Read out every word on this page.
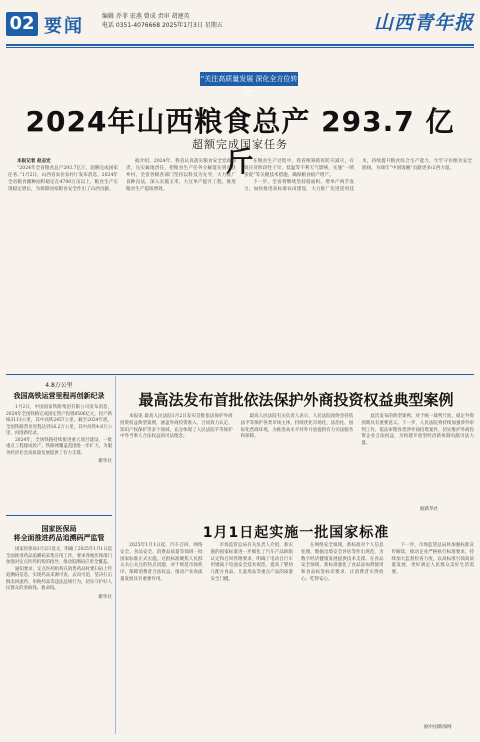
02 要闻	编辑 乔菲 宏燕 曾成 责审 胡建英
电话 0351-4076668 2025年1月3日 星期五	山西青年报
“关注高质量发展 深化全方位转型”
2024年山西粮食总产 293.7 亿斤
超额完成国家任务

本报记者 赵志宏

“2024年全省粮食总产293.7亿斤，超额完成国家任务。”1月2日，山西省农业农村厅发布消息，2024年全省粮食播种面积稳定在4700万亩以上，粮食生产实现稳定增长，为保障国家粮食安全作出了山西贡献。

据介绍，2024年，我省认真落实粮食安全党政同责，压实属地责任，把粮食生产任务分解落实到市县乡村。全省各级各部门坚持以科技为先导，大力推广良种良法，深入实施玉米、大豆单产提升工程，推进粮食生产提质增效。

在粮食生产过程中，我省统筹抓好防灾减灾，有效应对阶段性干旱、低温等不利天气影响，实施“一喷多促”等关键技术措施，确保粮食稳产增产。

下一步，全省将继续坚持稳面积、增单产两手发力，加快推进高标准农田建设，大力推广先进适用技术，持续提升粮食综合生产能力，牢牢守住粮食安全底线，为端牢“中国饭碗”贡献更多山西力量。

4.8万公里
我国高铁运营里程再创新纪录

1月2日，中国国家铁路集团有限公司发布消息，2024年全国铁路完成固定资产投资8506亿元，投产新线3113公里，其中高铁2457公里。截至2024年底，全国铁路营业里程达到16.2万公里，其中高铁4.8万公里，再创新纪录。

2024年，全国铁路持续推进重大项目建设，一批重点工程建成投产，铁路网覆盖范围进一步扩大，为服务经济社会高质量发展提供了有力支撑。

新华社
国家医保局
将全面推进药品追溯码严监管

国家医保局1月2日发文，明确了2025年1月1日起全面推进药品追溯码采集应用工作，要求各地医保部门加强对定点医药机构的指导，推动追溯码应用全覆盖。

通知要求，定点医药机构在销售药品时要扫码上传追溯码信息，实现药品来源可查、去向可追，坚决打击倒卖回流药、串换药品等违法违规行为，切实守护好人民群众的看病钱、救命钱。

新华社
最高法发布首批依法保护外商投资权益典型案例

本报讯 最高人民法院1月2日发布首批依法保护外商投资权益典型案例，涵盖外商投资准入、合同效力认定、知识产权保护等多个领域，充分体现了人民法院平等保护中外当事人合法权益的司法理念。

最高人民法院有关负责人表示，人民法院始终坚持依法平等保护各类市场主体，持续优化市场化、法治化、国际化营商环境，为推进高水平对外开放提供有力司法服务和保障。

此次发布的典型案例，对于统一裁判尺度、稳定外资预期具有重要意义。下一步，人民法院将持续加强涉外审判工作，依法审理各类涉外商投资案件，切实维护外商投资企业合法权益，为构建开放型经济新体制贡献司法力量。

据新华社
1月1日起实施一批国家标准

2025年1月1日起，汽车召回、网络安全、食品安全、消费品质量等领域一批国家标准正式实施。这批标准聚焦人民群众关心关注的热点问题，对于规范市场秩序、保障消费者合法权益、推动产业高质量发展具有重要作用。

市场监管总局有关负责人介绍，新实施的国家标准进一步细化了汽车产品缺陷认定和召回管理要求，明确了电动自行车用锂离子电池安全技术规范，提高了婴幼儿配方食品、儿童用品等重点产品的质量安全门槛。

在网络安全领域，新标准对个人信息处理、数据出境安全评估等作出规范，为数字经济健康发展提供技术支撑。在食品安全领域，新标准强化了食品添加剂使用和食品标签标识要求，让消费者买得放心、吃得安心。

下一步，市场监管总局将加强标准宣传解读，推动企业严格执行标准要求，持续加大监督检查力度，以高标准引领高质量发展，更好满足人民群众美好生活需要。

据中国新闻网
